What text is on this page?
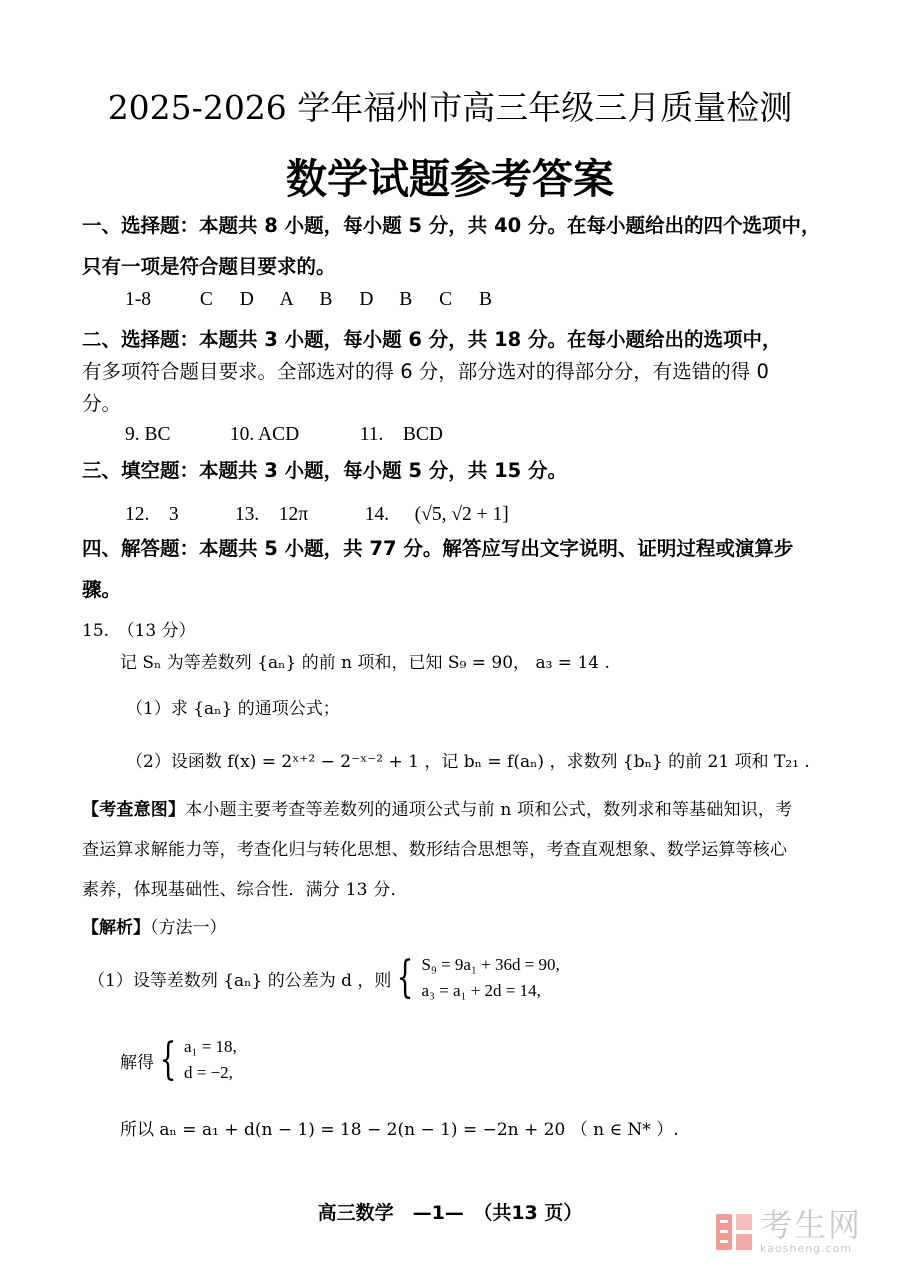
2025-2026 学年福州市高三年级三月质量检测
数学试题参考答案
一、选择题：本题共 8 小题，每小题 5 分，共 40 分。在每小题给出的四个选项中，
只有一项是符合题目要求的。
1-8	C D A B D B C B
二、选择题：本题共 3 小题，每小题 6 分，共 18 分。在每小题给出的选项中，
有多项符合题目要求。全部选对的得 6 分，部分选对的得部分分，有选错的得 0
分。
9. BC	10. ACD	11.　BCD
三、填空题：本题共 3 小题，每小题 5 分，共 15 分。
12.　3	13.　12π	14. (√5, √2 + 1]
四、解答题：本题共 5 小题，共 77 分。解答应写出文字说明、证明过程或演算步
骤。
15.　（13 分）
记 Sₙ 为等差数列 {aₙ} 的前 n 项和，已知 S₉ = 90， a₃ = 14 .
（1）求 {aₙ} 的通项公式；
（2）设函数 f(x) = 2ˣ⁺² − 2⁻ˣ⁻² + 1 ，记 bₙ = f(aₙ) ，求数列 {bₙ} 的前 21 项和 T₂₁ .
【考查意图】本小题主要考查等差数列的通项公式与前 n 项和公式，数列求和等基础知识，考
查运算求解能力等，考查化归与转化思想、数形结合思想等，考查直观想象、数学运算等核心
素养，体现基础性、综合性．满分 13 分．
【解析】（方法一）
（1）设等差数列 {aₙ} 的公差为 d ，则 { S₉ = 9a₁ + 36d = 90,
a₃ = a₁ + 2d = 14,
解得 { a₁ = 18,
d = −2,
所以 aₙ = a₁ + d(n − 1) = 18 − 2(n − 1) = −2n + 20 （ n ∈ N* ）.
高三数学　—1—　（共13 页）	考生网
kaosheng.com
